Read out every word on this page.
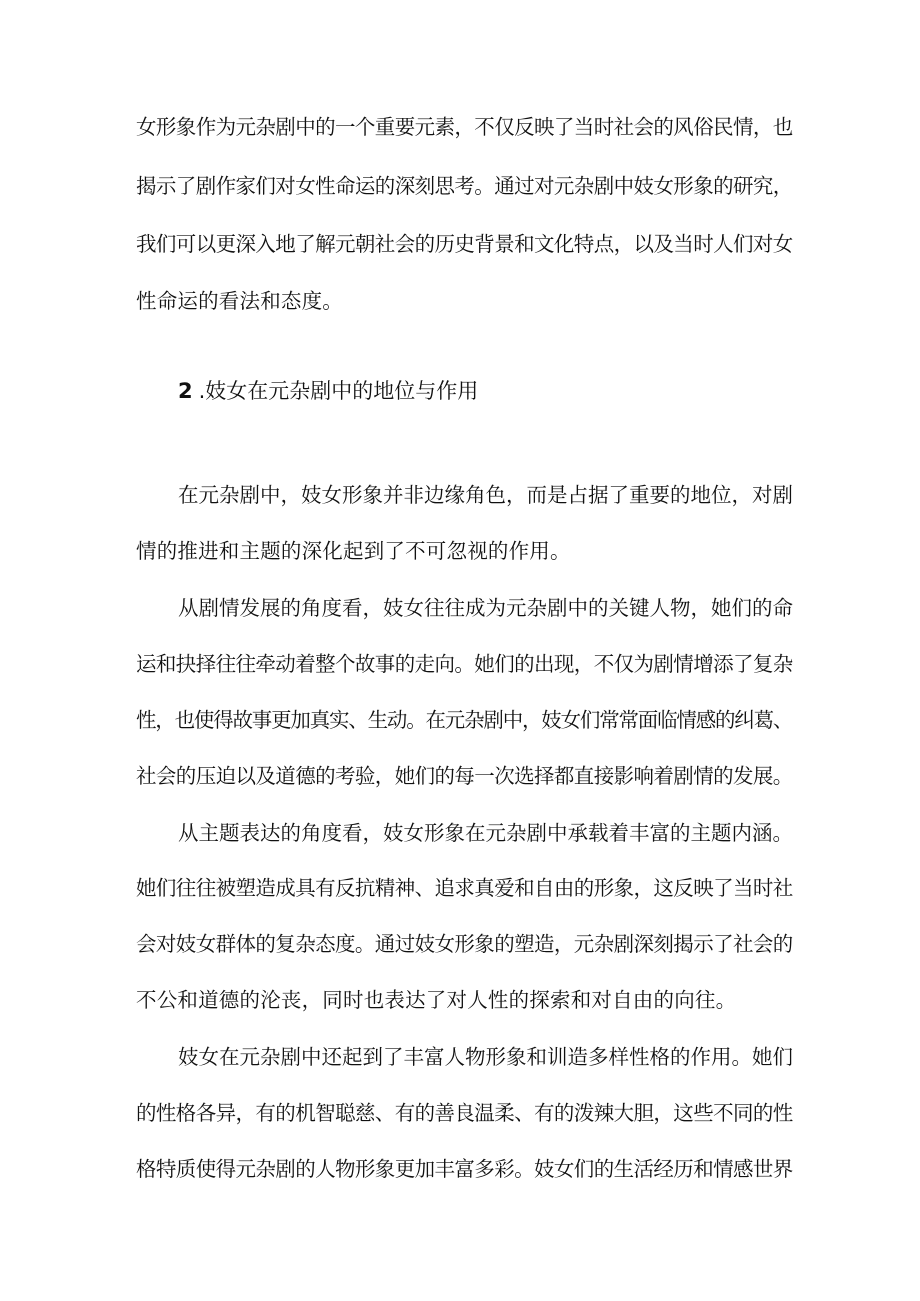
女形象作为元杂剧中的一个重要元素，不仅反映了当时社会的风俗民情，也
揭示了剧作家们对女性命运的深刻思考。通过对元杂剧中妓女形象的研究，
我们可以更深入地了解元朝社会的历史背景和文化特点，以及当时人们对女
性命运的看法和态度。
2 .妓女在元杂剧中的地位与作用
在元杂剧中，妓女形象并非边缘角色，而是占据了重要的地位，对剧
情的推进和主题的深化起到了不可忽视的作用。
从剧情发展的角度看，妓女往往成为元杂剧中的关键人物，她们的命
运和抉择往往牵动着整个故事的走向。她们的出现，不仅为剧情增添了复杂
性，也使得故事更加真实、生动。在元杂剧中，妓女们常常面临情感的纠葛、
社会的压迫以及道德的考验，她们的每一次选择都直接影响着剧情的发展。
从主题表达的角度看，妓女形象在元杂剧中承载着丰富的主题内涵。
她们往往被塑造成具有反抗精神、追求真爱和自由的形象，这反映了当时社
会对妓女群体的复杂态度。通过妓女形象的塑造，元杂剧深刻揭示了社会的
不公和道德的沦丧，同时也表达了对人性的探索和对自由的向往。
妓女在元杂剧中还起到了丰富人物形象和训造多样性格的作用。她们
的性格各异，有的机智聪慈、有的善良温柔、有的泼辣大胆，这些不同的性
格特质使得元杂剧的人物形象更加丰富多彩。妓女们的生活经历和情感世界
